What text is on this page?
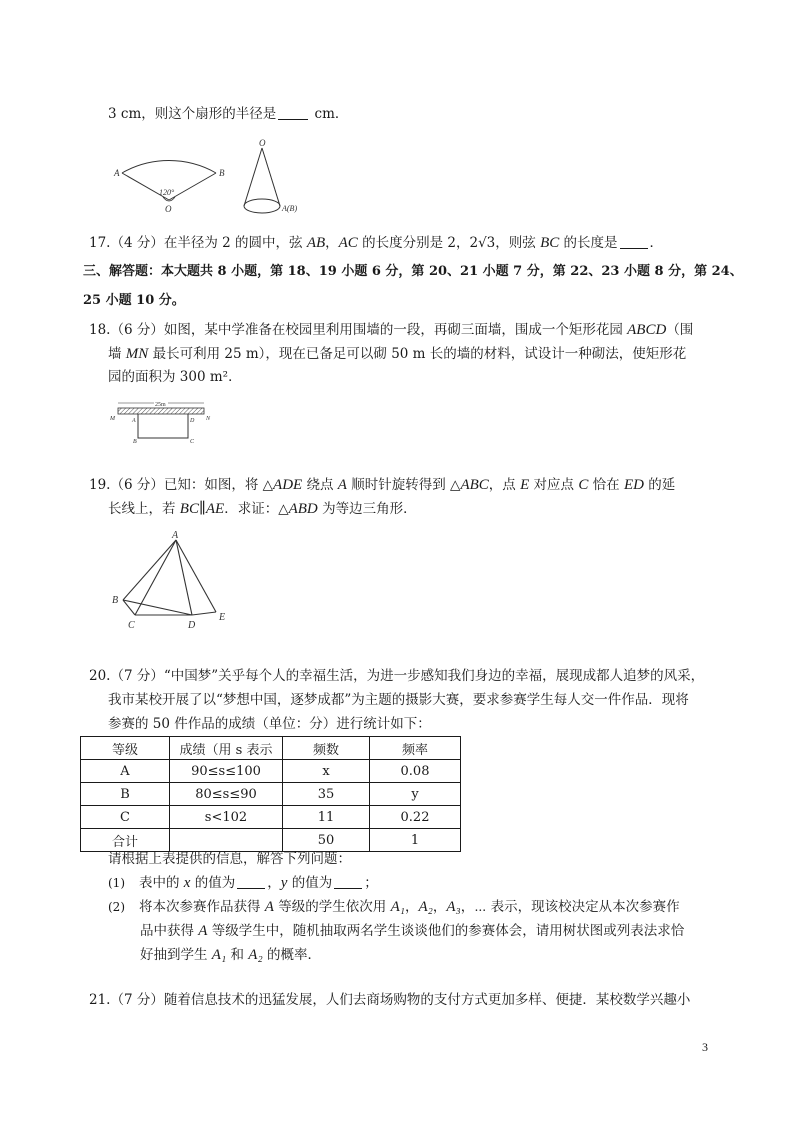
3 cm，则这个扇形的半径是	cm．
A	B
120°
O
O
A(B)
17.（4 分）在半径为 2 的圆中，弦 AB，AC 的长度分别是 2，2√3，则弦 BC 的长度是 ．
三、解答题：本大题共 8 小题，第 18、19 小题 6 分，第 20、21 小题 7 分，第 22、23 小题 8 分，第 24、
25 小题 10 分。
18.（6 分）如图，某中学准备在校园里利用围墙的一段，再砌三面墙，围成一个矩形花园 ABCD（围
墙 MN 最长可利用 25 m），现在已备足可以砌 50 m 长的墙的材料，试设计一种砌法，使矩形花
园的面积为 300 m²．
25m
M	N
A	D
B	C
19.（6 分）已知：如图，将 △ADE 绕点 A 顺时针旋转得到 △ABC，点 E 对应点 C 恰在 ED 的延
长线上，若 BC∥AE．求证：△ABD 为等边三角形．
A
B
C	D
E
20.（7 分）“中国梦”关乎每个人的幸福生活，为进一步感知我们身边的幸福，展现成都人追梦的风采，
我市某校开展了以“梦想中国，逐梦成都”为主题的摄影大赛，要求参赛学生每人交一件作品．现将
参赛的 50 件作品的成绩（单位：分）进行统计如下：
等级	成绩（用 s 表示	频数	频率
A	90≤s≤100	x	0.08
B	80≤s≤90	35	y
C	s<102	11	0.22
合计		50	1
请根据上表提供的信息，解答下列问题：
(1) 表中的 x 的值为 ，y 的值为 ；
(2) 将本次参赛作品获得 A 等级的学生依次用 A₁，A₂，A₃，⋯ 表示，现该校决定从本次参赛作
品中获得 A 等级学生中，随机抽取两名学生谈谈他们的参赛体会，请用树状图或列表法求恰
好抽到学生 A₁ 和 A₂ 的概率．
21.（7 分）随着信息技术的迅猛发展，人们去商场购物的支付方式更加多样、便捷．某校数学兴趣小
3
